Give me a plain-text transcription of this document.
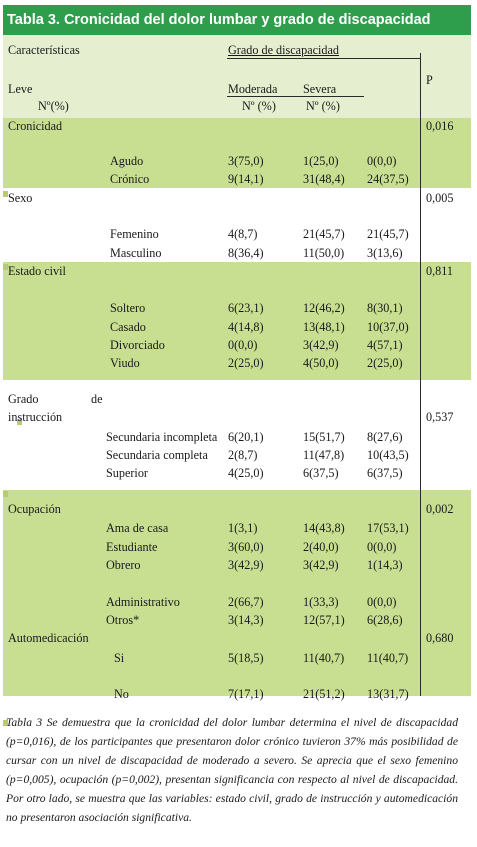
Tabla 3. Cronicidad del dolor lumbar y grado de discapacidad
Características	Grado de discapacidad
P
Leve	Moderada Severa
Nº(%)	Nº (%) Nº (%)
Cronicidad	0,016
Agudo	3(75,0)	1(25,0) 0(0,0)
Crónico	9(14,1)	31(48,4) 24(37,5)
Sexo	0,005
Femenino	4(8,7)	21(45,7) 21(45,7)
Masculino	8(36,4)	11(50,0) 3(13,6)
Estado civil	0,811
Soltero	6(23,1)	12(46,2) 8(30,1)
Casado	4(14,8)	13(48,1) 10(37,0)
Divorciado	0(0,0)	3(42,9) 4(57,1)
Viudo	2(25,0)	4(50,0) 2(25,0)
Grado	de
instrucción	0,537
Secundaria incompleta 6(20,1)	15(51,7) 8(27,6)
Secundaria completa 2(8,7)	11(47,8) 10(43,5)
Superior	4(25,0)	6(37,5) 6(37,5)
Ocupación	0,002
Ama de casa	1(3,1)	14(43,8) 17(53,1)
Estudiante	3(60,0)	2(40,0) 0(0,0)
Obrero	3(42,9)	3(42,9) 1(14,3)
Administrativo	2(66,7)	1(33,3) 0(0,0)
Otros*	3(14,3)	12(57,1) 6(28,6)
Automedicación	0,680
Si	5(18,5)	11(40,7) 11(40,7)
No	7(17,1)	21(51,2) 13(31,7)
Tabla 3 Se demuestra que la cronicidad del dolor lumbar determina el nivel de discapacidad (p=0,016), de los participantes que presentaron dolor crónico tuvieron 37% más posibilidad de cursar con un nivel de discapacidad de moderado a severo. Se aprecia que el sexo femenino (p=0,005), ocupación (p=0,002), presentan significancia con respecto al nivel de discapacidad. Por otro lado, se muestra que las variables: estado civil, grado de instrucción y automedicación no presentaron asociación significativa.
